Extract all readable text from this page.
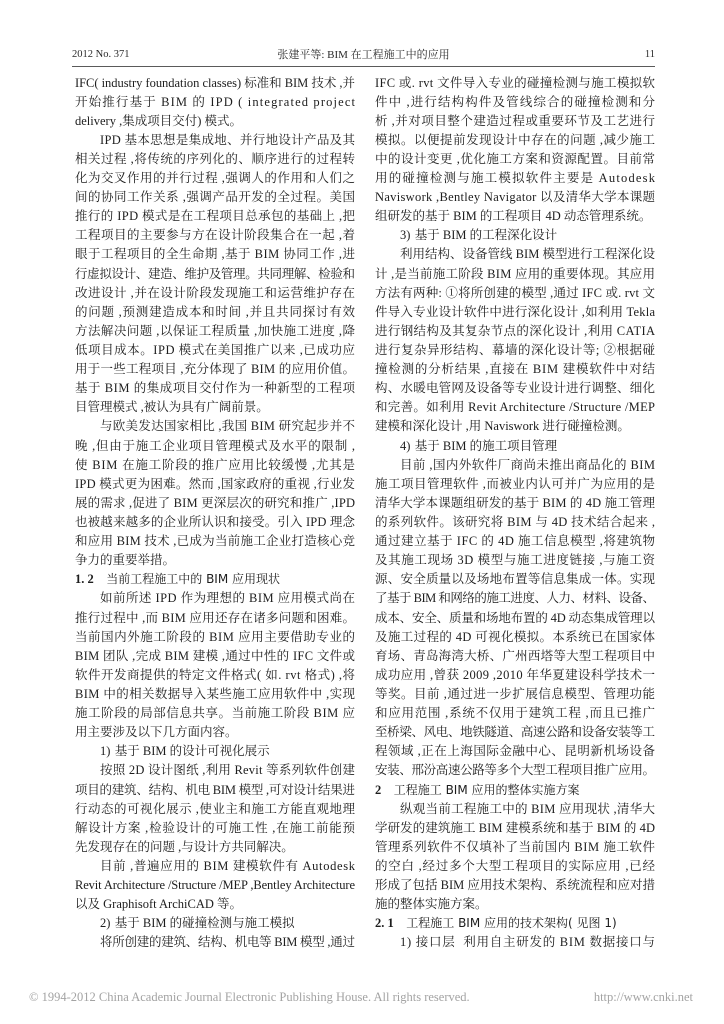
2012 No. 371	张建平等: BIM 在工程施工中的应用	11
IFC( industry foundation classes) 标准和 BIM 技术 ,并
开始推行基于 BIM 的 IPD ( integrated project
delivery ,集成项目交付) 模式。
IPD 基本思想是集成地、并行地设计产品及其
相关过程 ,将传统的序列化的、顺序进行的过程转
化为交叉作用的并行过程 ,强调人的作用和人们之
间的协同工作关系 ,强调产品开发的全过程。美国
推行的 IPD 模式是在工程项目总承包的基础上 ,把
工程项目的主要参与方在设计阶段集合在一起 ,着
眼于工程项目的全生命期 ,基于 BIM 协同工作 ,进
行虚拟设计、建造、维护及管理。共同理解、检验和
改进设计 ,并在设计阶段发现施工和运营维护存在
的问题 ,预测建造成本和时间 ,并且共同探讨有效
方法解决问题 ,以保证工程质量 ,加快施工进度 ,降
低项目成本。IPD 模式在美国推广以来 ,已成功应
用于一些工程项目 ,充分体现了 BIM 的应用价值。
基于 BIM 的集成项目交付作为一种新型的工程项
目管理模式 ,被认为具有广阔前景。
与欧美发达国家相比 ,我国 BIM 研究起步并不
晚 ,但由于施工企业项目管理模式及水平的限制 ,
使 BIM 在施工阶段的推广应用比较缓慢 ,尤其是
IPD 模式更为困难。然而 ,国家政府的重视 ,行业发
展的需求 ,促进了 BIM 更深层次的研究和推广 ,IPD
也被越来越多的企业所认识和接受。引入 IPD 理念
和应用 BIM 技术 ,已成为当前施工企业打造核心竞
争力的重要举措。
1. 2 当前工程施工中的 BIM 应用现状
如前所述 IPD 作为理想的 BIM 应用模式尚在
推行过程中 ,而 BIM 应用还存在诸多问题和困难。
当前国内外施工阶段的 BIM 应用主要借助专业的
BIM 团队 ,完成 BIM 建模 ,通过中性的 IFC 文件或
软件开发商提供的特定文件格式( 如. rvt 格式) ,将
BIM 中的相关数据导入某些施工应用软件中 ,实现
施工阶段的局部信息共享。当前施工阶段 BIM 应
用主要涉及以下几方面内容。
1) 基于 BIM 的设计可视化展示
按照 2D 设计图纸 ,利用 Revit 等系列软件创建
项目的建筑、结构、机电 BIM 模型 ,可对设计结果进
行动态的可视化展示 ,使业主和施工方能直观地理
解设计方案 ,检验设计的可施工性 ,在施工前能预
先发现存在的问题 ,与设计方共同解决。
目前 ,普遍应用的 BIM 建模软件有 Autodesk
Revit Architecture /Structure /MEP ,Bentley Architecture
以及 Graphisoft ArchiCAD 等。
2) 基于 BIM 的碰撞检测与施工模拟
将所创建的建筑、结构、机电等 BIM 模型 ,通过
IFC 或. rvt 文件导入专业的碰撞检测与施工模拟软
件中 ,进行结构构件及管线综合的碰撞检测和分
析 ,并对项目整个建造过程或重要环节及工艺进行
模拟。以便提前发现设计中存在的问题 ,减少施工
中的设计变更 ,优化施工方案和资源配置。目前常
用的碰撞检测与施工模拟软件主要是 Autodesk
Naviswork ,Bentley Navigator 以及清华大学本课题
组研发的基于 BIM 的工程项目 4D 动态管理系统。
3) 基于 BIM 的工程深化设计
利用结构、设备管线 BIM 模型进行工程深化设
计 ,是当前施工阶段 BIM 应用的重要体现。其应用
方法有两种: ①将所创建的模型 ,通过 IFC 或. rvt 文
件导入专业设计软件中进行深化设计 ,如利用 Tekla
进行钢结构及其复杂节点的深化设计 ,利用 CATIA
进行复杂异形结构、幕墙的深化设计等; ②根据碰
撞检测的分析结果 ,直接在 BIM 建模软件中对结
构、水暖电管网及设备等专业设计进行调整、细化
和完善。如利用 Revit Architecture /Structure /MEP
建模和深化设计 ,用 Naviswork 进行碰撞检测。
4) 基于 BIM 的施工项目管理
目前 ,国内外软件厂商尚未推出商品化的 BIM
施工项目管理软件 ,而被业内认可并广为应用的是
清华大学本课题组研发的基于 BIM 的 4D 施工管理
的系列软件。该研究将 BIM 与 4D 技术结合起来 ,
通过建立基于 IFC 的 4D 施工信息模型 ,将建筑物
及其施工现场 3D 模型与施工进度链接 ,与施工资
源、安全质量以及场地布置等信息集成一体。实现
了基于 BIM 和网络的施工进度、人力、材料、设备、
成本、安全、质量和场地布置的 4D 动态集成管理以
及施工过程的 4D 可视化模拟。本系统已在国家体
育场、青岛海湾大桥、广州西塔等大型工程项目中
成功应用 ,曾获 2009 ,2010 年华夏建设科学技术一
等奖。目前 ,通过进一步扩展信息模型、管理功能
和应用范围 ,系统不仅用于建筑工程 ,而且已推广
至桥梁、风电、地铁隧道、高速公路和设备安装等工
程领域 ,正在上海国际金融中心、昆明新机场设备
安装、邢汾高速公路等多个大型工程项目推广应用。
2 工程施工 BIM 应用的整体实施方案
纵观当前工程施工中的 BIM 应用现状 ,清华大
学研发的建筑施工 BIM 建模系统和基于 BIM 的 4D
管理系列软件不仅填补了当前国内 BIM 施工软件
的空白 ,经过多个大型工程项目的实际应用 ,已经
形成了包括 BIM 应用技术架构、系统流程和应对措
施的整体实施方案。
2. 1 工程施工 BIM 应用的技术架构( 见图 1)
1) 接口层  利用自主研发的 BIM 数据接口与
© 1994-2012 China Academic Journal Electronic Publishing House. All rights reserved.	http://www.cnki.net
